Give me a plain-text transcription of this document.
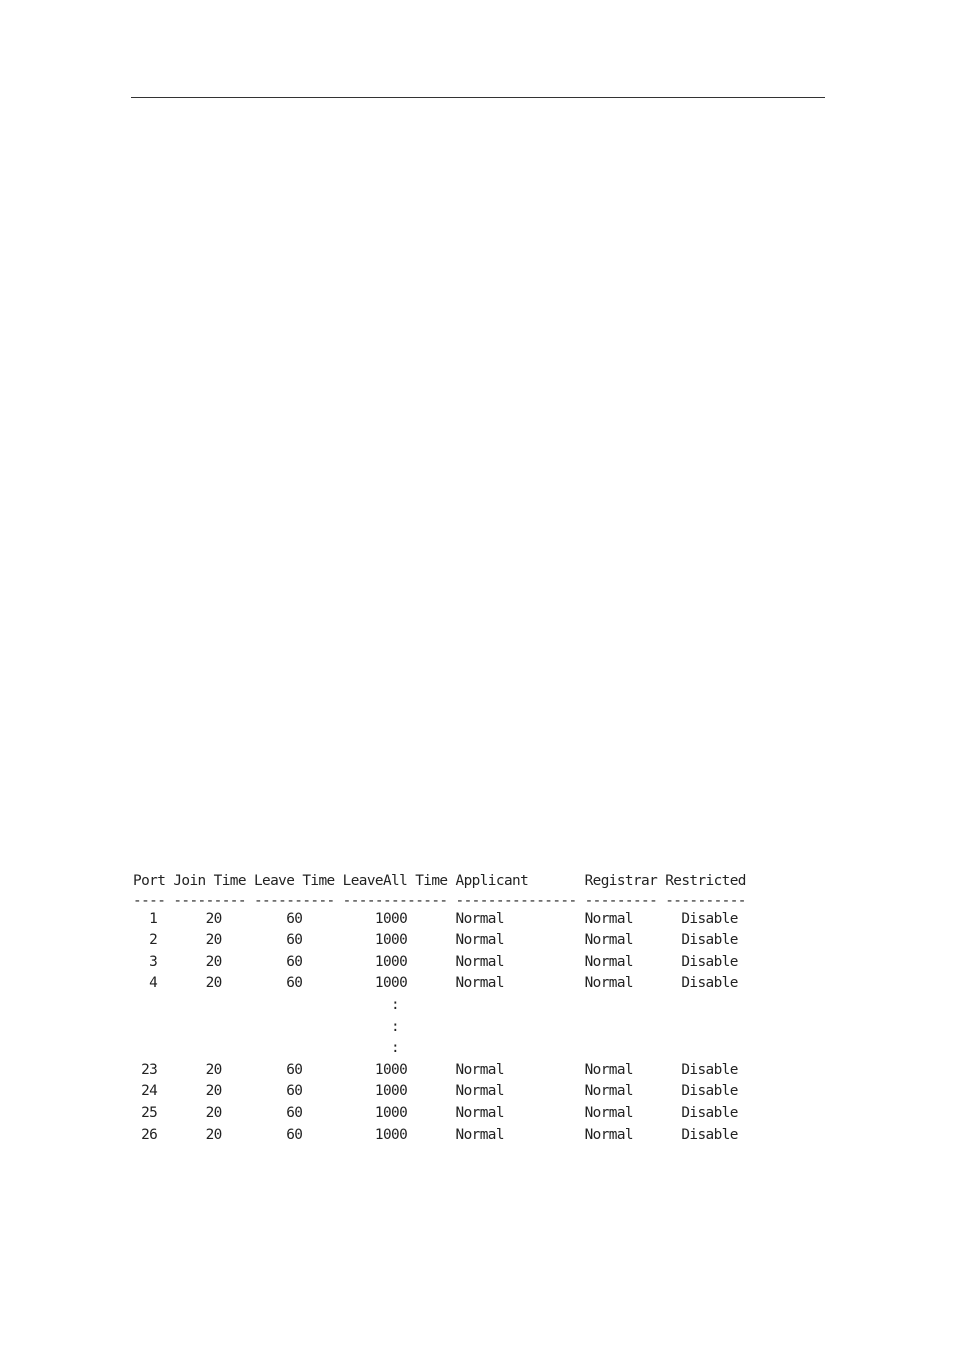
Port Join Time Leave Time LeaveAll Time Applicant       Registrar Restricted
---- --------- ---------- ------------- --------------- --------- ----------
1      20        60         1000      Normal          Normal      Disable
2      20        60         1000      Normal          Normal      Disable
3      20        60         1000      Normal          Normal      Disable
4      20        60         1000      Normal          Normal      Disable
:
:
:
23      20        60         1000      Normal          Normal      Disable
24      20        60         1000      Normal          Normal      Disable
25      20        60         1000      Normal          Normal      Disable
26      20        60         1000      Normal          Normal      Disable
